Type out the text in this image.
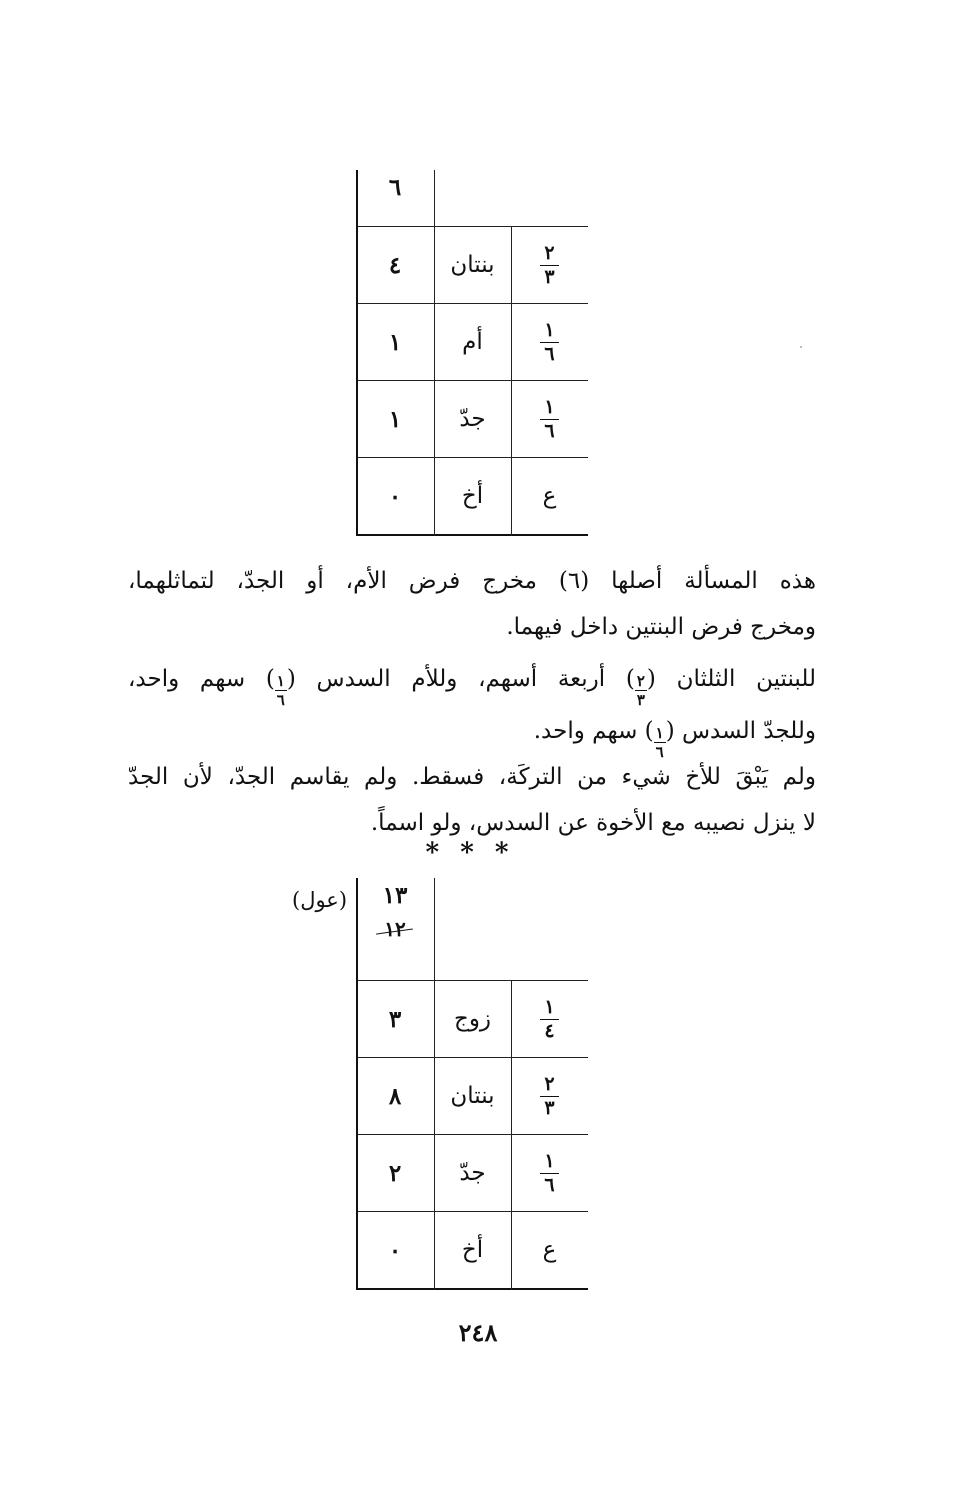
٦
٤	بنتان	$\frac{٢}{٣}$
١	أم	$\frac{١}{٦}$
١	جدّ	$\frac{١}{٦}$
٠	أخ	ع
هذه المسألة أصلها (٦) مخرج فرض الأم، أو الجدّ، لتماثلهما،
ومخرج فرض البنتين داخل فيهما.
للبنتين الثلثان (
$\frac{٢}{٣}$
) أربعة أسهم، وللأم السدس (
$\frac{١}{٦}$
) سهم واحد،
وللجدّ السدس (
$\frac{١}{٦}$
) سهم واحد.
ولم يَبْقَ للأخ شيء من التركَة، فسقط. ولم يقاسم الجدّ، لأن الجدّ
لا ينزل نصيبه مع الأخوة عن السدس، ولو اسماً.
* * *
(عول) ١٣
١٢
٣	زوج	$\frac{١}{٤}$
٨	بنتان	$\frac{٢}{٣}$
٢	جدّ	$\frac{١}{٦}$
٠	أخ	ع
٢٤٨
